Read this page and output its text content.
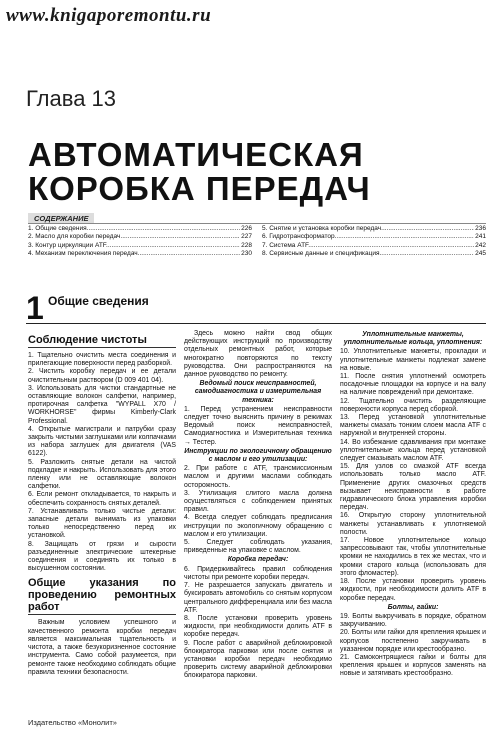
www.knigaporemontu.ru
Глава 13
АВТОМАТИЧЕСКАЯ
КОРОБКА ПЕРЕДАЧ
СОДЕРЖАНИЕ
1. Общие сведения .....	226
2. Масло для коробки передач .....	227
3. Контур циркуляции ATF .....	228
4. Механизм переключения передач .....	230
5. Снятие и установка коробки передач .....	236
6. Гидротрансформатор .....	241
7. Система ATF .....	242
8. Сервисные данные и спецификация .....	245
1 Общие сведения
Соблюдение чистоты

1. Тщательно очистить места соединения и прилегающие поверхности перед разборкой.

2. Чистить коробку передач и ее детали очистительным раствором (D 009 401 04).

3. Использовать для чистки стандартные не оставляющие волокон салфетки, например, протирочная салфетка "WYPALL X70 / WORKHORSE" фирмы Kimberly-Clark Professional.

4. Открытые магистрали и патрубки сразу закрыть чистыми заглушками или колпачками из набора заглушек для двигателя (VAS 6122).

5. Разложить снятые детали на чистой подкладке и накрыть. Использовать для этого пленку или не оставляющие волокон салфетки.

6. Если ремонт откладывается, то накрыть и обеспечить сохранность снятых деталей.

7. Устанавливать только чистые детали: запасные детали вынимать из упаковки только непосредственно перед их установкой.

8. Защищать от грязи и сырости разъединенные электрические штекерные соединения и соединять их только в высушенном состоянии.

Общие указания по проведению ремонтных работ

Важным условием успешного и качественного ремонта коробки передач является максимальная тщательность и чистота, а также безукоризненное состояние инструмента. Само собой разумеется, при ремонте также необходимо соблюдать общие правила техники безопасности.

Здесь можно найти свод общих действующих инструкций по производству отдельных ремонтных работ, которые многократно повторяются по тексту руководства. Они распространяются на данное руководство по ремонту.

Ведомый поиск неисправностей, самодиагностика и измерительная техника:

1. Перед устранением неисправности следует точно выяснить причину в режимах Ведомый поиск неисправностей, Самодиагностика и Измерительная техника → Тестер.

Инструкции по экологичному обращению с маслом и его утилизации:

2. При работе с ATF, трансмиссионным маслом и другими маслами соблюдать осторожность.

3. Утилизация слитого масла должна осуществляться с соблюдением принятых правил.

4. Всегда следует соблюдать предписания инструкции по экологичному обращению с маслом и его утилизации.

5. Следует соблюдать указания, приведенные на упаковке с маслом.

Коробка передач:

6. Придерживайтесь правил соблюдения чистоты при ремонте коробки передач.

7. Не разрешается запускать двигатель и буксировать автомобиль со снятым корпусом центрального дифференциала или без масла ATF.

8. После установки проверить уровень жидкости, при необходимости долить ATF в коробке передач.

9. После работ с аварийной деблокировкой блокиратора парковки или после снятия и установки коробки передач необходимо проверить систему аварийной деблокировки блокиратора парковки.

Уплотнительные манжеты, уплотнительные кольца, уплотнения:

10. Уплотнительные манжеты, прокладки и уплотнительные манжеты подлежат замене на новые.

11. После снятия уплотнений осмотреть посадочные площадки на корпусе и на валу на наличие повреждений при демонтаже.

12. Тщательно очистить разделяющие поверхности корпуса перед сборкой.

13. Перед установкой уплотнительные манжеты смазать тонким слоем масла ATF с наружной и внутренней стороны.

14. Во избежание сдавливания при монтаже уплотнительные кольца перед установкой следует смазывать маслом ATF.

15. Для узлов со смазкой ATF всегда использовать только масло ATF. Применение других смазочных средств вызывает неисправности в работе гидравлического блока управления коробки передач.

16. Открытую сторону уплотнительной манжеты устанавливать к уплотняемой полости.

17. Новое уплотнительное кольцо запрессовывают так, чтобы уплотнительные кромки не находились в тех же местах, что и кромки старого кольца (использовать для этого фломастер).

18. После установки проверить уровень жидкости, при необходимости долить ATF в коробке передач.

Болты, гайки:

19. Болты выкручивать в порядке, обратном закручиванию.

20. Болты или гайки для крепления крышек и корпусов постепенно закручивать в указанном порядке или крестообразно.

21. Самоконтрящиеся гайки и болты для крепления крышек и корпусов заменять на новые и затягивать крестообразно.

Издательство «Монолит»
